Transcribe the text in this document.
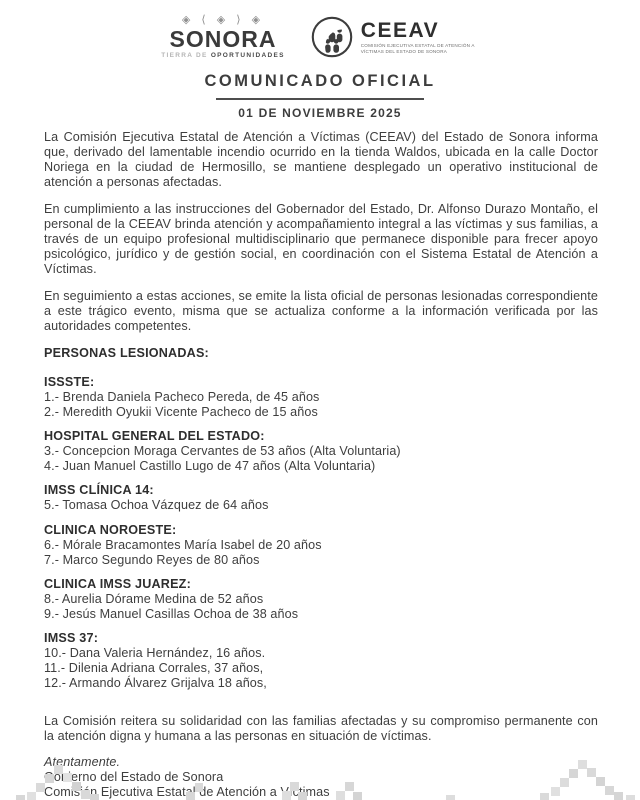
◈ ⟨ ◈ ⟩ ◈
SONORA
TIERRA DE OPORTUNIDADES
CEEAV
COMISIÓN EJECUTIVA ESTATAL DE ATENCIÓN A VÍCTIMAS DEL ESTADO DE SONORA
COMUNICADO OFICIAL
01 DE NOVIEMBRE 2025

La Comisión Ejecutiva Estatal de Atención a Víctimas (CEEAV) del Estado de Sonora informa que, derivado del lamentable incendio ocurrido en la tienda Waldos, ubicada en la calle Doctor Noriega en la ciudad de Hermosillo, se mantiene desplegado un operativo institucional de atención a personas afectadas.

En cumplimiento a las instrucciones del Gobernador del Estado, Dr. Alfonso Durazo Montaño, el personal de la CEEAV brinda atención y acompañamiento integral a las víctimas y sus familias, a través de un equipo profesional multidisciplinario que permanece disponible para frecer apoyo psicológico, jurídico y de gestión social, en coordinación con el Sistema Estatal de Atención a Víctimas.

En seguimiento a estas acciones, se emite la lista oficial de personas lesionadas correspondiente a este trágico evento, misma que se actualiza conforme a la información verificada por las autoridades competentes.

PERSONAS LESIONADAS:
ISSSTE:
1.- Brenda Daniela Pacheco Pereda, de 45 años
2.- Meredith Oyukii Vicente Pacheco de 15 años
HOSPITAL GENERAL DEL ESTADO:
3.- Concepcion Moraga Cervantes de 53 años (Alta Voluntaria)
4.- Juan Manuel Castillo Lugo de 47 años (Alta Voluntaria)
IMSS CLÍNICA 14:
5.- Tomasa Ochoa Vázquez de 64 años
CLINICA NOROESTE:
6.- Mórale Bracamontes María Isabel de 20 años
7.- Marco Segundo Reyes de 80 años
CLINICA IMSS JUAREZ:
8.- Aurelia Dórame Medina de 52 años
9.- Jesús Manuel Casillas Ochoa de 38 años
IMSS 37:
10.- Dana Valeria Hernández, 16 años.
11.- Dilenia Adriana Corrales, 37 años,
12.- Armando Álvarez Grijalva 18 años,

La Comisión reitera su solidaridad con las familias afectadas y su compromiso permanente con la atención digna y humana a las personas en situación de víctimas.

Atentamente.
Gobierno del Estado de Sonora
Comisión Ejecutiva Estatal de Atención a Víctimas
